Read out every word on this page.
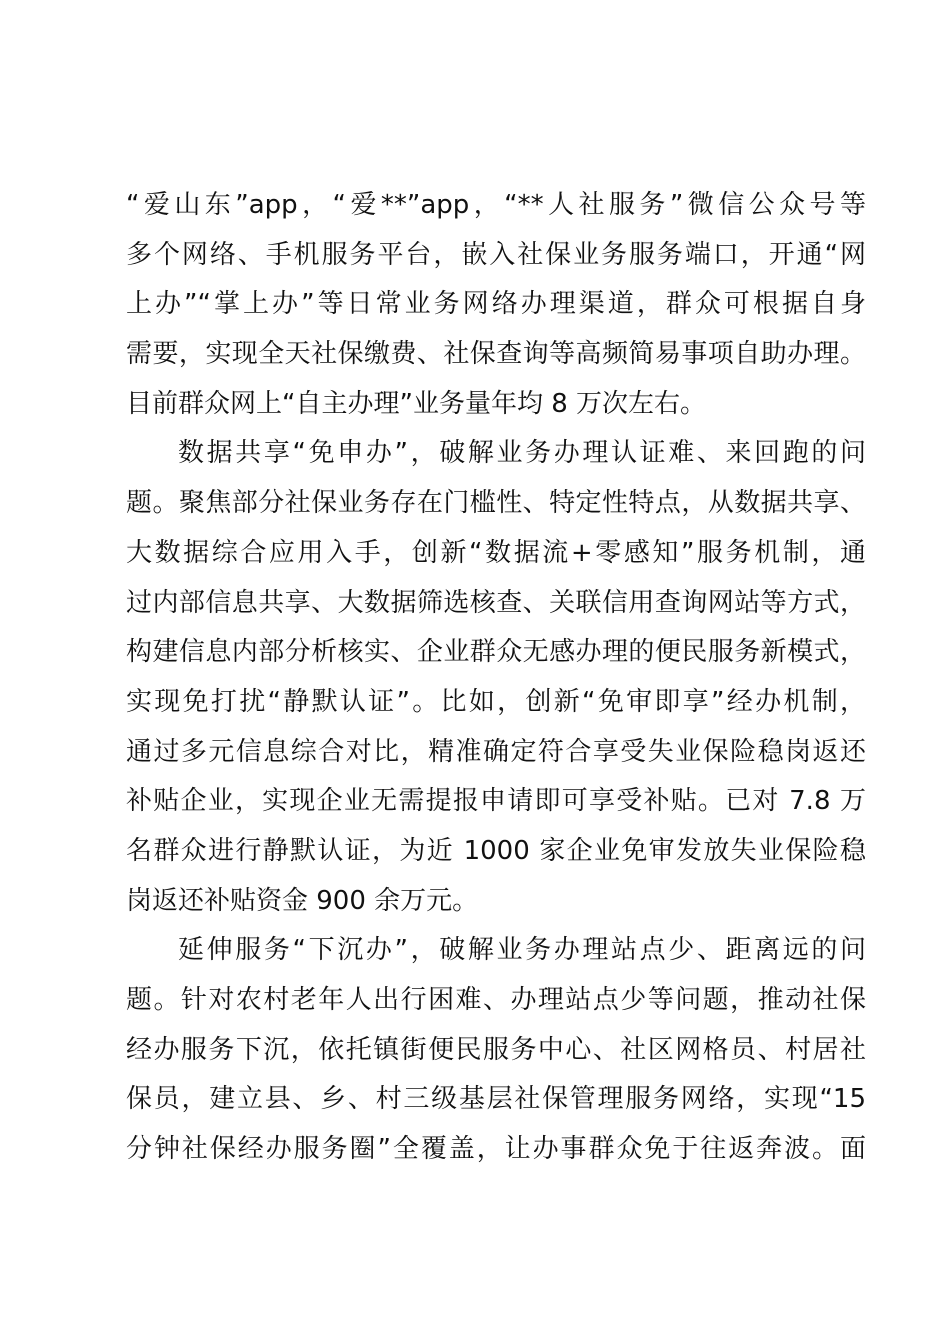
“爱山东”app，“爱**”app，“**人社服务”微信公众号等
多个网络、手机服务平台，嵌入社保业务服务端口，开通“网
上办”“掌上办”等日常业务网络办理渠道，群众可根据自身
需要，实现全天社保缴费、社保查询等高频简易事项自助办理。
目前群众网上“自主办理”业务量年均 8 万次左右。
数据共享“免申办”，破解业务办理认证难、来回跑的问
题。聚焦部分社保业务存在门槛性、特定性特点，从数据共享、
大数据综合应用入手，创新“数据流+零感知”服务机制，通
过内部信息共享、大数据筛选核查、关联信用查询网站等方式，
构建信息内部分析核实、企业群众无感办理的便民服务新模式，
实现免打扰“静默认证”。比如，创新“免审即享”经办机制，
通过多元信息综合对比，精准确定符合享受失业保险稳岗返还
补贴企业，实现企业无需提报申请即可享受补贴。已对 7.8 万
名群众进行静默认证，为近 1000 家企业免审发放失业保险稳
岗返还补贴资金 900 余万元。
延伸服务“下沉办”，破解业务办理站点少、距离远的问
题。针对农村老年人出行困难、办理站点少等问题，推动社保
经办服务下沉，依托镇街便民服务中心、社区网格员、村居社
保员，建立县、乡、村三级基层社保管理服务网络，实现“15
分钟社保经办服务圈”全覆盖，让办事群众免于往返奔波。面
